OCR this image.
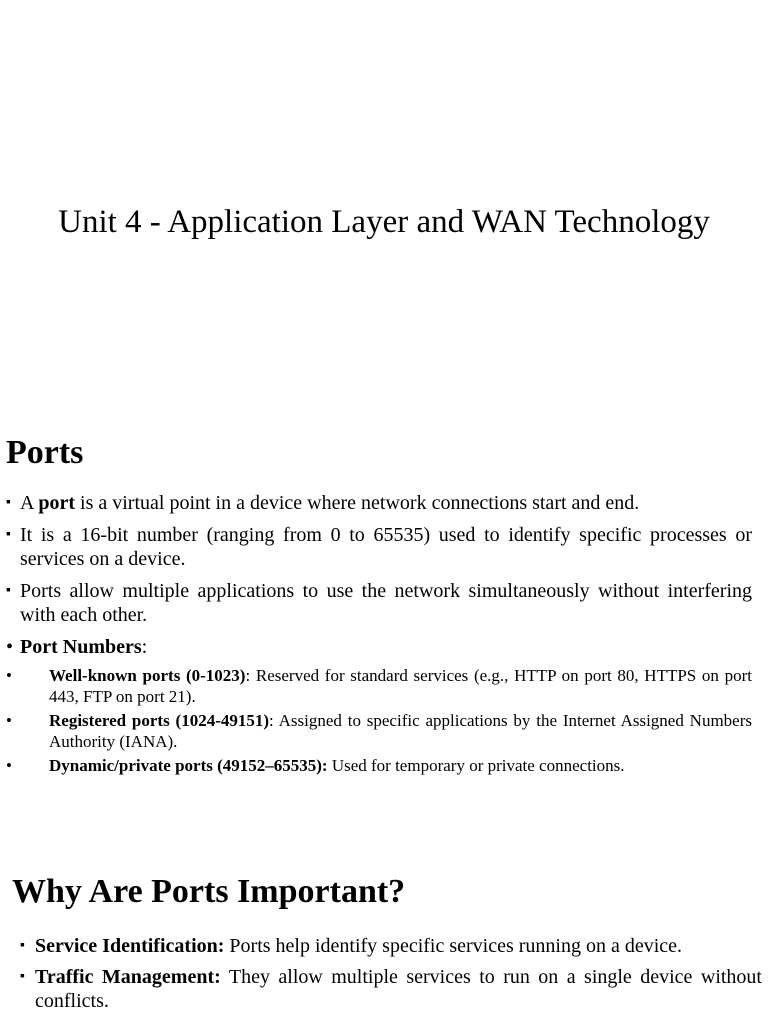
Unit 4 - Application Layer and WAN Technology
Ports
▪ A port is a virtual point in a device where network connections start and end.
▪ It is a 16-bit number (ranging from 0 to 65535) used to identify specific processes or services on a device.
▪ Ports allow multiple applications to use the network simultaneously without interfering with each other.
• Port Numbers:
•	Well-known ports (0-1023): Reserved for standard services (e.g., HTTP on port 80, HTTPS on port 443, FTP on port 21).
•	Registered ports (1024-49151): Assigned to specific applications by the Internet Assigned Numbers Authority (IANA).
•	Dynamic/private ports (49152–65535): Used for temporary or private connections.
Why Are Ports Important?
▪ Service Identification: Ports help identify specific services running on a device.
▪ Traffic Management: They allow multiple services to run on a single device without conflicts.
